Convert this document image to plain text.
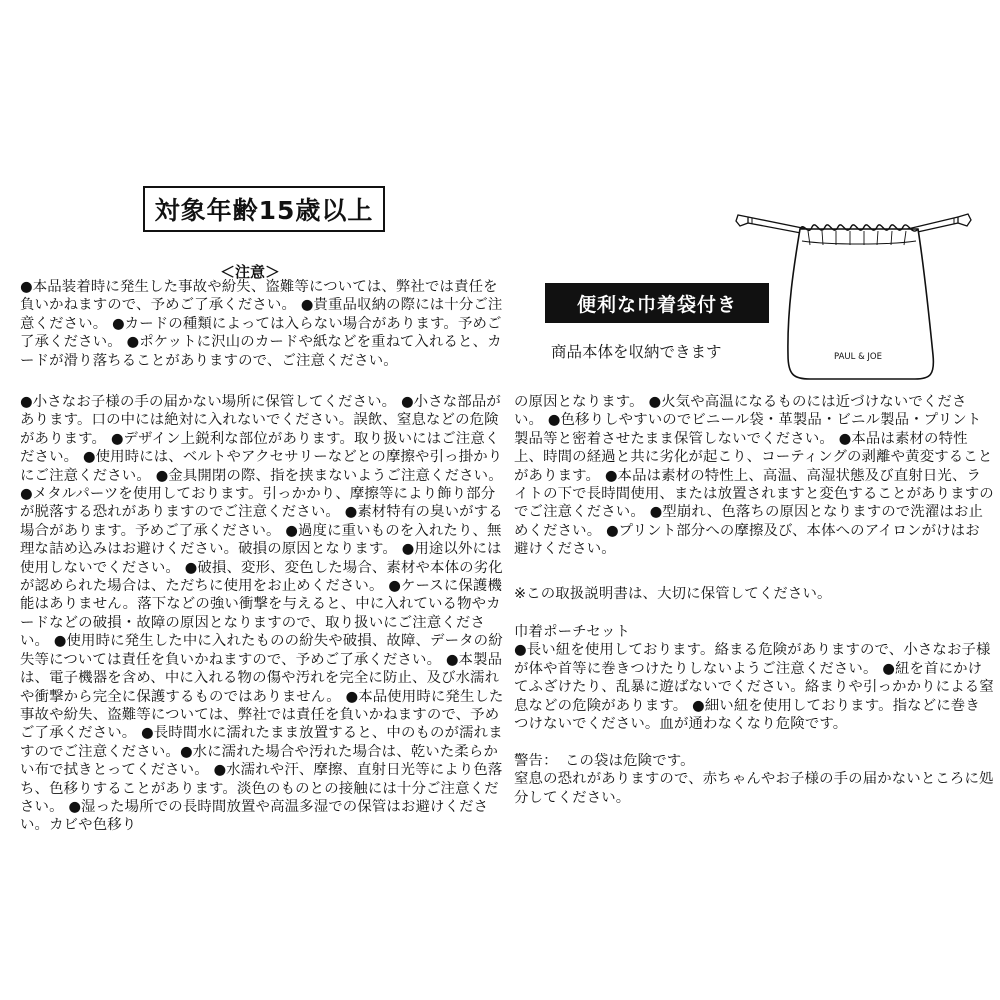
対象年齢15歳以上
＜注意＞

●本品装着時に発生した事故や紛失、盗難等については、弊社では責任を負いかねますので、予めご了承ください。 ●貴重品収納の際には十分ご注意ください。 ●カードの種類によっては入らない場合があります。予めご了承ください。 ●ポケットに沢山のカードや紙などを重ねて入れると、カードが滑り落ちることがありますので、ご注意ください。

●小さなお子様の手の届かない場所に保管してください。 ●小さな部品があります。口の中には絶対に入れないでください。誤飲、窒息などの危険があります。 ●デザイン上鋭利な部位があります。取り扱いにはご注意ください。 ●使用時には、ベルトやアクセサリーなどとの摩擦や引っ掛かりにご注意ください。 ●金具開閉の際、指を挟まないようご注意ください。 ●メタルパーツを使用しております。引っかかり、摩擦等により飾り部分が脱落する恐れがありますのでご注意ください。 ●素材特有の臭いがする場合があります。予めご了承ください。 ●過度に重いものを入れたり、無理な詰め込みはお避けください。破損の原因となります。 ●用途以外には使用しないでください。 ●破損、変形、変色した場合、素材や本体の劣化が認められた場合は、ただちに使用をお止めください。 ●ケースに保護機能はありません。落下などの強い衝撃を与えると、中に入れている物やカードなどの破損・故障の原因となりますので、取り扱いにご注意ください。 ●使用時に発生した中に入れたものの紛失や破損、故障、データの紛失等については責任を負いかねますので、予めご了承ください。 ●本製品は、電子機器を含め、中に入れる物の傷や汚れを完全に防止、及び水濡れや衝撃から完全に保護するものではありません。 ●本品使用時に発生した事故や紛失、盗難等については、弊社では責任を負いかねますので、予めご了承ください。 ●長時間水に濡れたまま放置すると、中のものが濡れますのでご注意ください。●水に濡れた場合や汚れた場合は、乾いた柔らかい布で拭きとってください。 ●水濡れや汗、摩擦、直射日光等により色落ち、色移りすることがあります。淡色のものとの接触には十分ご注意ください。 ●湿った場所での長時間放置や高温多湿での保管はお避けください。カビや色移り

便利な巾着袋付き
商品本体を収納できます	PAUL & JOE

の原因となります。 ●火気や高温になるものには近づけないでください。 ●色移りしやすいのでビニール袋・革製品・ビニル製品・プリント製品等と密着させたまま保管しないでください。 ●本品は素材の特性上、時間の経過と共に劣化が起こり、コーティングの剥離や黄変することがあります。 ●本品は素材の特性上、高温、高湿状態及び直射日光、ライトの下で長時間使用、または放置されますと変色することがありますのでご注意ください。 ●型崩れ、色落ちの原因となりますので洗濯はお止めください。 ●プリント部分への摩擦及び、本体へのアイロンがけはお避けください。

※この取扱説明書は、大切に保管してください。

巾着ポーチセット
●長い紐を使用しております。絡まる危険がありますので、小さなお子様が体や首等に巻きつけたりしないようご注意ください。 ●紐を首にかけてふざけたり、乱暴に遊ばないでください。絡まりや引っかかりによる窒息などの危険があります。 ●細い紐を使用しております。指などに巻きつけないでください。血が通わなくなり危険です。

警告：　この袋は危険です。
窒息の恐れがありますので、赤ちゃんやお子様の手の届かないところに処分してください。
